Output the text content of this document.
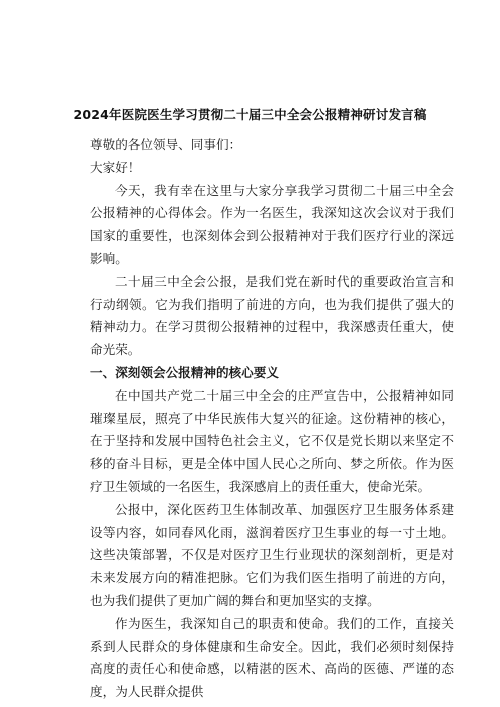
2024年医院医生学习贯彻二十届三中全会公报精神研讨发言稿

尊敬的各位领导、同事们：

大家好！

今天，我有幸在这里与大家分享我学习贯彻二十届三中全会公报精神的心得体会。作为一名医生，我深知这次会议对于我们国家的重要性，也深刻体会到公报精神对于我们医疗行业的深远影响。

二十届三中全会公报，是我们党在新时代的重要政治宣言和行动纲领。它为我们指明了前进的方向，也为我们提供了强大的精神动力。在学习贯彻公报精神的过程中，我深感责任重大，使命光荣。

一、深刻领会公报精神的核心要义

在中国共产党二十届三中全会的庄严宣告中，公报精神如同璀璨星辰，照亮了中华民族伟大复兴的征途。这份精神的核心，在于坚持和发展中国特色社会主义，它不仅是党长期以来坚定不移的奋斗目标，更是全体中国人民心之所向、梦之所依。作为医疗卫生领域的一名医生，我深感肩上的责任重大，使命光荣。

公报中，深化医药卫生体制改革、加强医疗卫生服务体系建设等内容，如同春风化雨，滋润着医疗卫生事业的每一寸土地。这些决策部署，不仅是对医疗卫生行业现状的深刻剖析，更是对未来发展方向的精准把脉。它们为我们医生指明了前进的方向，也为我们提供了更加广阔的舞台和更加坚实的支撑。

作为医生，我深知自己的职责和使命。我们的工作，直接关系到人民群众的身体健康和生命安全。因此，我们必须时刻保持高度的责任心和使命感，以精湛的医术、高尚的医德、严谨的态度，为人民群众提供
